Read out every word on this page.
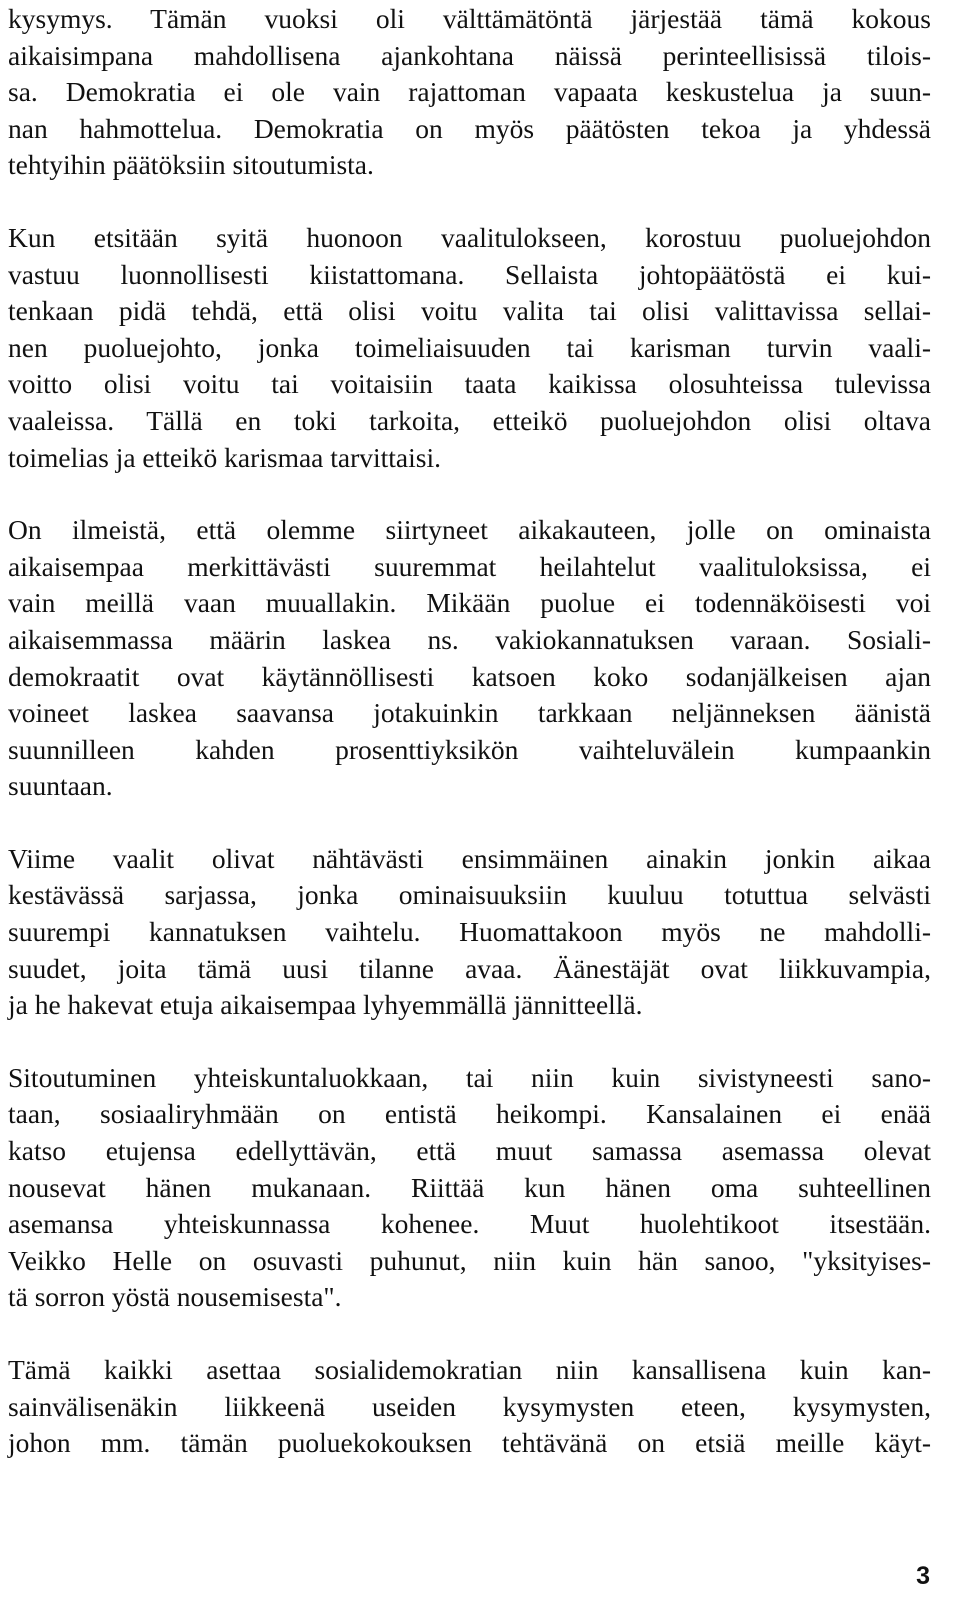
kysymys. Tämän vuoksi oli välttämätöntä järjestää tämä kokous
aikaisimpana mahdollisena ajankohtana näissä perinteellisissä tilois-
sa. Demokratia ei ole vain rajattoman vapaata keskustelua ja suun-
nan hahmottelua. Demokratia on myös päätösten tekoa ja yhdessä
tehtyihin päätöksiin sitoutumista.
Kun etsitään syitä huonoon vaalitulokseen, korostuu puoluejohdon
vastuu luonnollisesti kiistattomana. Sellaista johtopäätöstä ei kui-
tenkaan pidä tehdä, että olisi voitu valita tai olisi valittavissa sellai-
nen puoluejohto, jonka toimeliaisuuden tai karisman turvin vaali-
voitto olisi voitu tai voitaisiin taata kaikissa olosuhteissa tulevissa
vaaleissa. Tällä en toki tarkoita, etteikö puoluejohdon olisi oltava
toimelias ja etteikö karismaa tarvittaisi.
On ilmeistä, että olemme siirtyneet aikakauteen, jolle on ominaista
aikaisempaa merkittävästi suuremmat heilahtelut vaalituloksissa, ei
vain meillä vaan muuallakin. Mikään puolue ei todennäköisesti voi
aikaisemmassa määrin laskea ns. vakiokannatuksen varaan. Sosiali-
demokraatit ovat käytännöllisesti katsoen koko sodanjälkeisen ajan
voineet laskea saavansa jotakuinkin tarkkaan neljänneksen äänistä
suunnilleen kahden prosenttiyksikön vaihteluvälein kumpaankin
suuntaan.
Viime vaalit olivat nähtävästi ensimmäinen ainakin jonkin aikaa
kestävässä sarjassa, jonka ominaisuuksiin kuuluu totuttua selvästi
suurempi kannatuksen vaihtelu. Huomattakoon myös ne mahdolli-
suudet, joita tämä uusi tilanne avaa. Äänestäjät ovat liikkuvampia,
ja he hakevat etuja aikaisempaa lyhyemmällä jännitteellä.
Sitoutuminen yhteiskuntaluokkaan, tai niin kuin sivistyneesti sano-
taan, sosiaaliryhmään on entistä heikompi. Kansalainen ei enää
katso etujensa edellyttävän, että muut samassa asemassa olevat
nousevat hänen mukanaan. Riittää kun hänen oma suhteellinen
asemansa yhteiskunnassa kohenee. Muut huolehtikoot itsestään.
Veikko Helle on osuvasti puhunut, niin kuin hän sanoo, "yksityises-
tä sorron yöstä nousemisesta".
Tämä kaikki asettaa sosialidemokratian niin kansallisena kuin kan-
sainvälisenäkin liikkeenä useiden kysymysten eteen, kysymysten,
johon mm. tämän puoluekokouksen tehtävänä on etsiä meille käyt-
3
